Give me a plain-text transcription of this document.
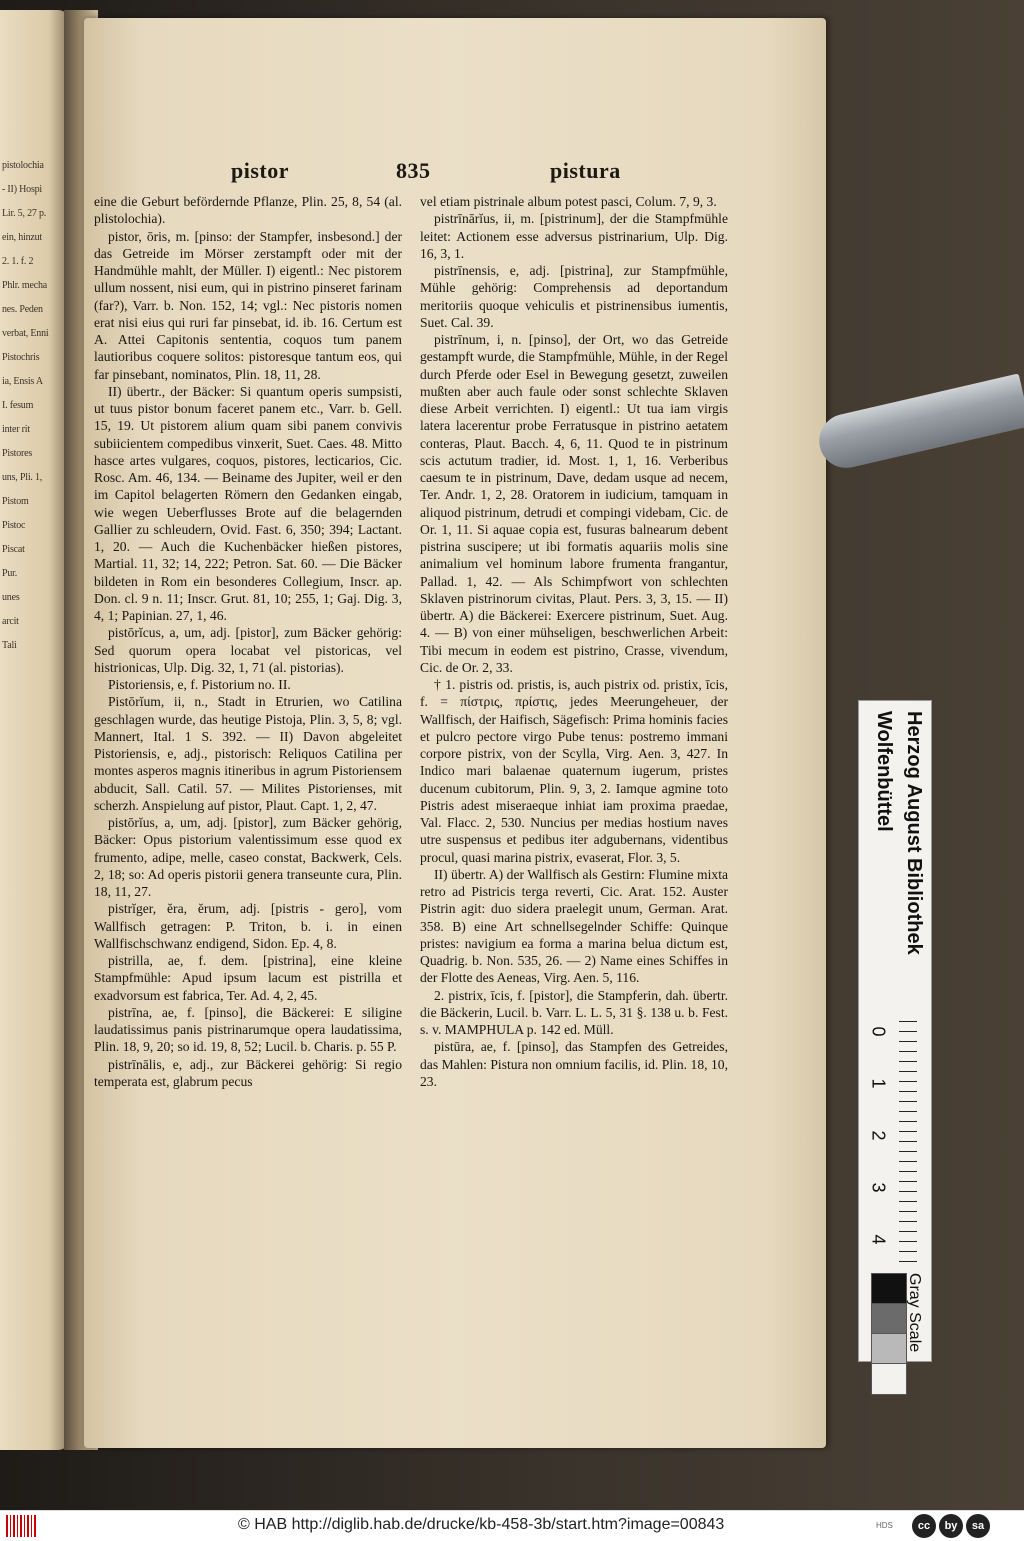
pistolochia
- II) Hospi
Lir. 5, 27 p.
ein, hinzut
2. 1. f. 2
Phlr. mecha
nes. Peden
verbat, Enni
Pistochris
ia, Ensis A
I. fesum
inter rit
Pistores
uns, Pli. 1,
Pistom
Pistoc
Piscat
Pur.
unes
arcit
Tali
pistor	835	pistura

eine die Geburt befördernde Pflanze, Plin. 25, 8, 54 (al. plistolochia).

pistor, ōris, m. [pinso: der Stampfer, insbesond.] der das Getreide im Mörser zerstampft oder mit der Handmühle mahlt, der Müller. I) eigentl.: Nec pistorem ullum nossent, nisi eum, qui in pistrino pinseret farinam (far?), Varr. b. Non. 152, 14; vgl.: Nec pistoris nomen erat nisi eius qui ruri far pinsebat, id. ib. 16. Certum est A. Attei Capitonis sententia, coquos tum panem lautioribus coquere solitos: pistoresque tantum eos, qui far pinsebant, nominatos, Plin. 18, 11, 28.

II) übertr., der Bäcker: Si quantum operis sumpsisti, ut tuus pistor bonum faceret panem etc., Varr. b. Gell. 15, 19. Ut pistorem alium quam sibi panem convivis subiicientem compedibus vinxerit, Suet. Caes. 48. Mitto hasce artes vulgares, coquos, pistores, lecticarios, Cic. Rosc. Am. 46, 134. — Beiname des Jupiter, weil er den im Capitol belagerten Römern den Gedanken eingab, wie wegen Ueberflusses Brote auf die belagernden Gallier zu schleudern, Ovid. Fast. 6, 350; 394; Lactant. 1, 20. — Auch die Kuchenbäcker hießen pistores, Martial. 11, 32; 14, 222; Petron. Sat. 60. — Die Bäcker bildeten in Rom ein besonderes Collegium, Inscr. ap. Don. cl. 9 n. 11; Inscr. Grut. 81, 10; 255, 1; Gaj. Dig. 3, 4, 1; Papinian. 27, 1, 46.

pistōrĭcus, a, um, adj. [pistor], zum Bäcker gehörig: Sed quorum opera locabat vel pistoricas, vel histrionicas, Ulp. Dig. 32, 1, 71 (al. pistorias).

Pistoriensis, e, f. Pistorium no. II.

Pistōrĭum, ii, n., Stadt in Etrurien, wo Catilina geschlagen wurde, das heutige Pistoja, Plin. 3, 5, 8; vgl. Mannert, Ital. 1 S. 392. — II) Davon abgeleitet Pistoriensis, e, adj., pistorisch: Reliquos Catilina per montes asperos magnis itineribus in agrum Pistoriensem abducit, Sall. Catil. 57. — Milites Pistorienses, mit scherzh. Anspielung auf pistor, Plaut. Capt. 1, 2, 47.

pistōrĭus, a, um, adj. [pistor], zum Bäcker gehörig, Bäcker: Opus pistorium valentissimum esse quod ex frumento, adipe, melle, caseo constat, Backwerk, Cels. 2, 18; so: Ad operis pistorii genera transeunte cura, Plin. 18, 11, 27.

pistrĭger, ĕra, ĕrum, adj. [pistris - gero], vom Wallfisch getragen: P. Triton, b. i. in einen Wallfischschwanz endigend, Sidon. Ep. 4, 8.

pistrilla, ae, f. dem. [pistrina], eine kleine Stampfmühle: Apud ipsum lacum est pistrilla et exadvorsum est fabrica, Ter. Ad. 4, 2, 45.

pistrīna, ae, f. [pinso], die Bäckerei: E siligine laudatissimus panis pistrinarumque opera laudatissima, Plin. 18, 9, 20; so id. 19, 8, 52; Lucil. b. Charis. p. 55 P.

pistrīnālis, e, adj., zur Bäckerei gehörig: Si regio temperata est, glabrum pecus

vel etiam pistrinale album potest pasci, Colum. 7, 9, 3.

pistrīnārĭus, ii, m. [pistrinum], der die Stampfmühle leitet: Actionem esse adversus pistrinarium, Ulp. Dig. 16, 3, 1.

pistrīnensis, e, adj. [pistrina], zur Stampfmühle, Mühle gehörig: Comprehensis ad deportandum meritoriis quoque vehiculis et pistrinensibus iumentis, Suet. Cal. 39.

pistrīnum, i, n. [pinso], der Ort, wo das Getreide gestampft wurde, die Stampfmühle, Mühle, in der Regel durch Pferde oder Esel in Bewegung gesetzt, zuweilen mußten aber auch faule oder sonst schlechte Sklaven diese Arbeit verrichten. I) eigentl.: Ut tua iam virgis latera lacerentur probe Ferratusque in pistrino aetatem conteras, Plaut. Bacch. 4, 6, 11. Quod te in pistrinum scis actutum tradier, id. Most. 1, 1, 16. Verberibus caesum te in pistrinum, Dave, dedam usque ad necem, Ter. Andr. 1, 2, 28. Oratorem in iudicium, tamquam in aliquod pistrinum, detrudi et compingi videbam, Cic. de Or. 1, 11. Si aquae copia est, fusuras balnearum debent pistrina suscipere; ut ibi formatis aquariis molis sine animalium vel hominum labore frumenta frangantur, Pallad. 1, 42. — Als Schimpfwort von schlechten Sklaven pistrinorum civitas, Plaut. Pers. 3, 3, 15. — II) übertr. A) die Bäckerei: Exercere pistrinum, Suet. Aug. 4. — B) von einer mühseligen, beschwerlichen Arbeit: Tibi mecum in eodem est pistrino, Crasse, vivendum, Cic. de Or. 2, 33.

† 1. pistris od. pristis, is, auch pistrix od. pristix, īcis, f. = πίστρις, πρίστις, jedes Meerungeheuer, der Wallfisch, der Haifisch, Sägefisch: Prima hominis facies et pulcro pectore virgo Pube tenus: postremo immani corpore pistrix, von der Scylla, Virg. Aen. 3, 427. In Indico mari balaenae quaternum iugerum, pristes ducenum cubitorum, Plin. 9, 3, 2. Iamque agmine toto Pistris adest miseraeque inhiat iam proxima praedae, Val. Flacc. 2, 530. Nuncius per medias hostium naves utre suspensus et pedibus iter adgubernans, videntibus procul, quasi marina pistrix, evaserat, Flor. 3, 5.

II) übertr. A) der Wallfisch als Gestirn: Flumine mixta retro ad Pistricis terga reverti, Cic. Arat. 152. Auster Pistrin agit: duo sidera praelegit unum, German. Arat. 358. B) eine Art schnellsegelnder Schiffe: Quinque pristes: navigium ea forma a marina belua dictum est, Quadrig. b. Non. 535, 26. — 2) Name eines Schiffes in der Flotte des Aeneas, Virg. Aen. 5, 116.

2. pistrix, īcis, f. [pistor], die Stampferin, dah. übertr. die Bäckerin, Lucil. b. Varr. L. L. 5, 31 §. 138 u. b. Fest. s. v. MAMPHULA p. 142 ed. Müll.

pistūra, ae, f. [pinso], das Stampfen des Getreides, das Mahlen: Pistura non omnium facilis, id. Plin. 18, 10, 23.

Herzog August Bibliothek
Wolfenbüttel
0
1
2
3
4
Gray Scale
© HAB http://diglib.hab.de/drucke/kb-458-3b/start.htm?image=00843	HDS	cc	by	sa
